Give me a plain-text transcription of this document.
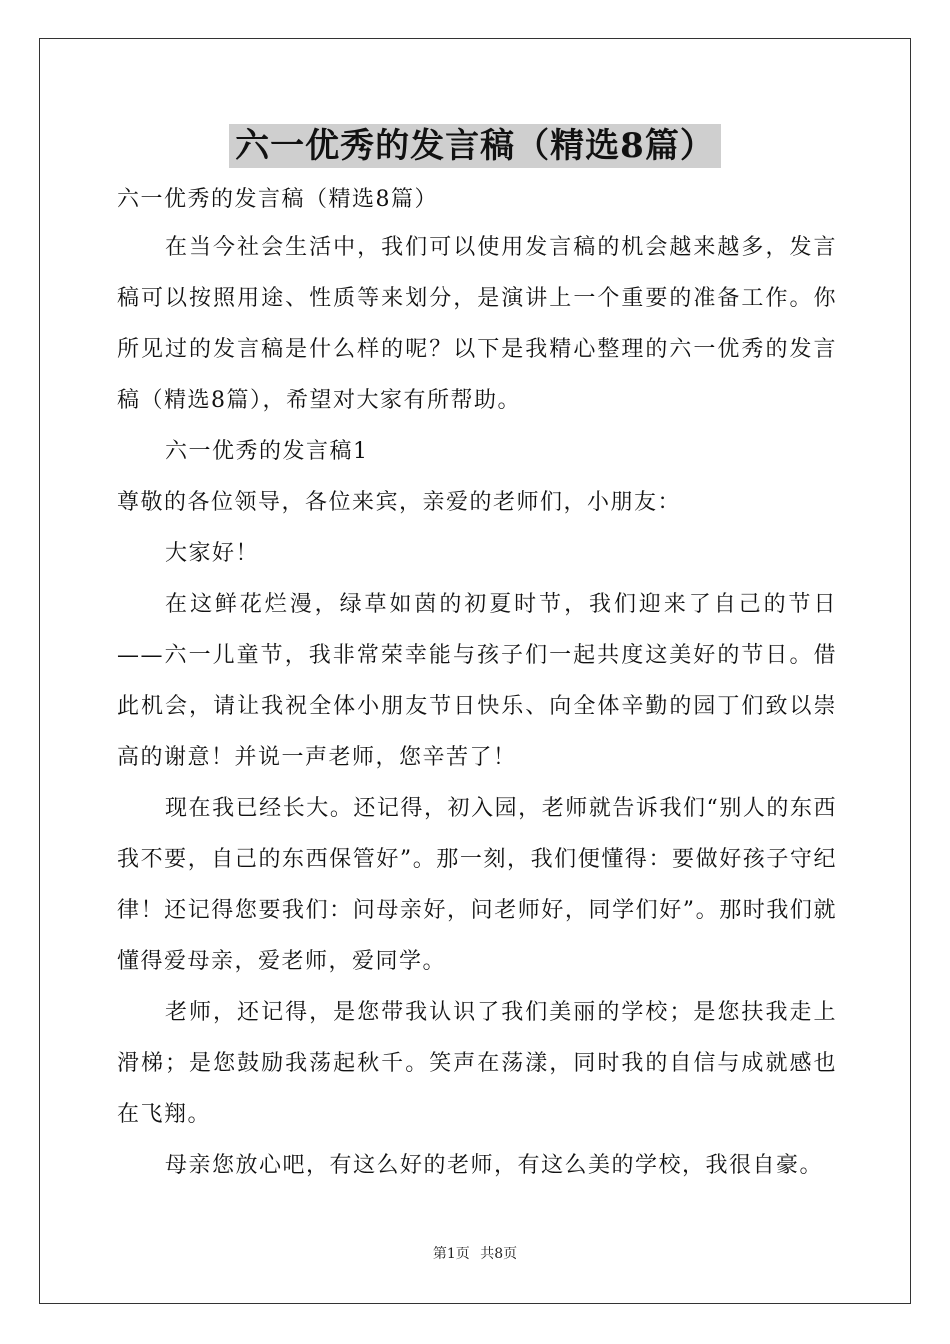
六一优秀的发言稿（精选8篇）

六一优秀的发言稿（精选8篇）

在当今社会生活中，我们可以使用发言稿的机会越来越多，发言稿可以按照用途、性质等来划分，是演讲上一个重要的准备工作。你所见过的发言稿是什么样的呢？以下是我精心整理的六一优秀的发言稿（精选8篇），希望对大家有所帮助。

六一优秀的发言稿1

尊敬的各位领导，各位来宾，亲爱的老师们，小朋友：

大家好！

在这鲜花烂漫，绿草如茵的初夏时节，我们迎来了自己的节日——六一儿童节，我非常荣幸能与孩子们一起共度这美好的节日。借此机会，请让我祝全体小朋友节日快乐、向全体辛勤的园丁们致以崇高的谢意！并说一声老师，您辛苦了！

现在我已经长大。还记得，初入园，老师就告诉我们“别人的东西我不要，自己的东西保管好”。那一刻，我们便懂得：要做好孩子守纪律！还记得您要我们：问母亲好，问老师好，同学们好”。那时我们就懂得爱母亲，爱老师，爱同学。

老师，还记得，是您带我认识了我们美丽的学校；是您扶我走上滑梯；是您鼓励我荡起秋千。笑声在荡漾，同时我的自信与成就感也在飞翔。

母亲您放心吧，有这么好的老师，有这么美的学校，我很自豪。

第1页 共8页
